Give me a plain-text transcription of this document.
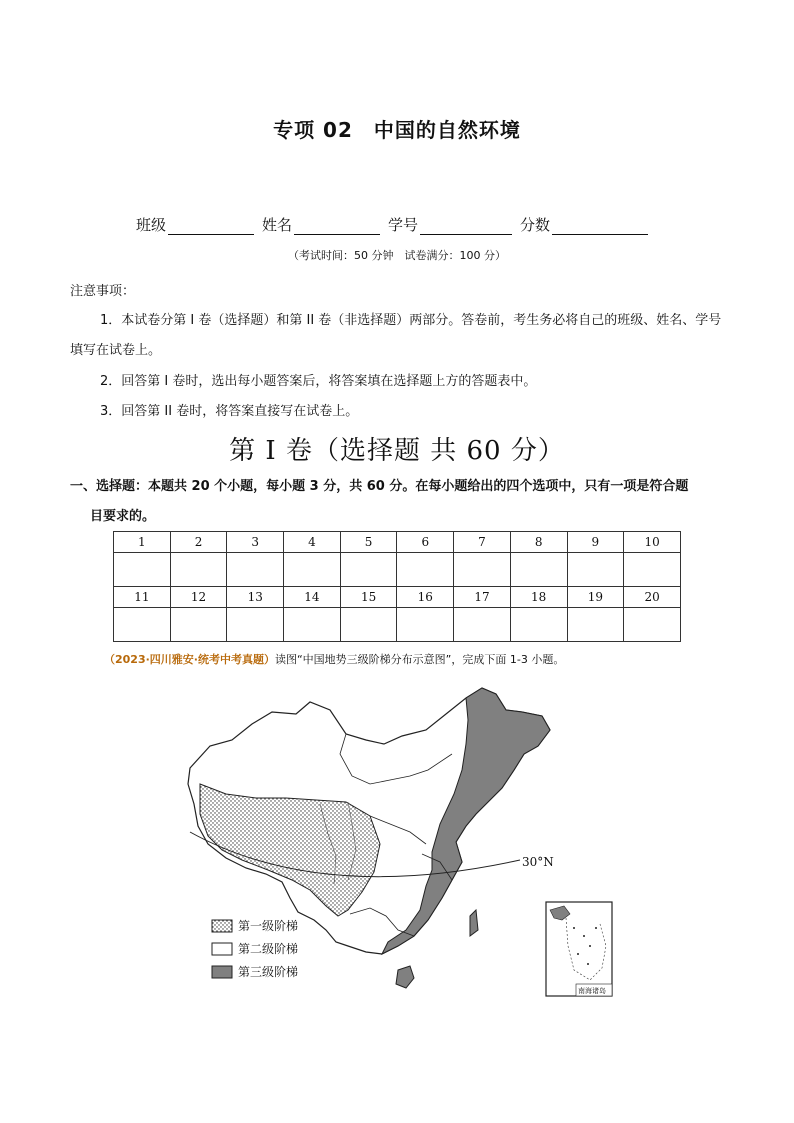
专项 02　中国的自然环境
班级	姓名	学号	分数
（考试时间：50 分钟　试卷满分：100 分）
注意事项：
1．本试卷分第 I 卷（选择题）和第 II 卷（非选择题）两部分。答卷前，考生务必将自己的班级、姓名、学号填写在试卷上。
2．回答第 I 卷时，选出每小题答案后，将答案填在选择题上方的答题表中。
3．回答第 II 卷时，将答案直接写在试卷上。
第 I 卷（选择题 共 60 分）
一、选择题：本题共 20 个小题，每小题 3 分，共 60 分。在每小题给出的四个选项中，只有一项是符合题
目要求的。
1	2	3	4	5	6	7	8	9	10

11	12	13	14	15	16	17	18	19	20

（2023·四川雅安·统考中考真题）读图“中国地势三级阶梯分布示意图”，完成下面 1-3 小题。
30°N
第一级阶梯
第二级阶梯
第三级阶梯
南海诸岛
